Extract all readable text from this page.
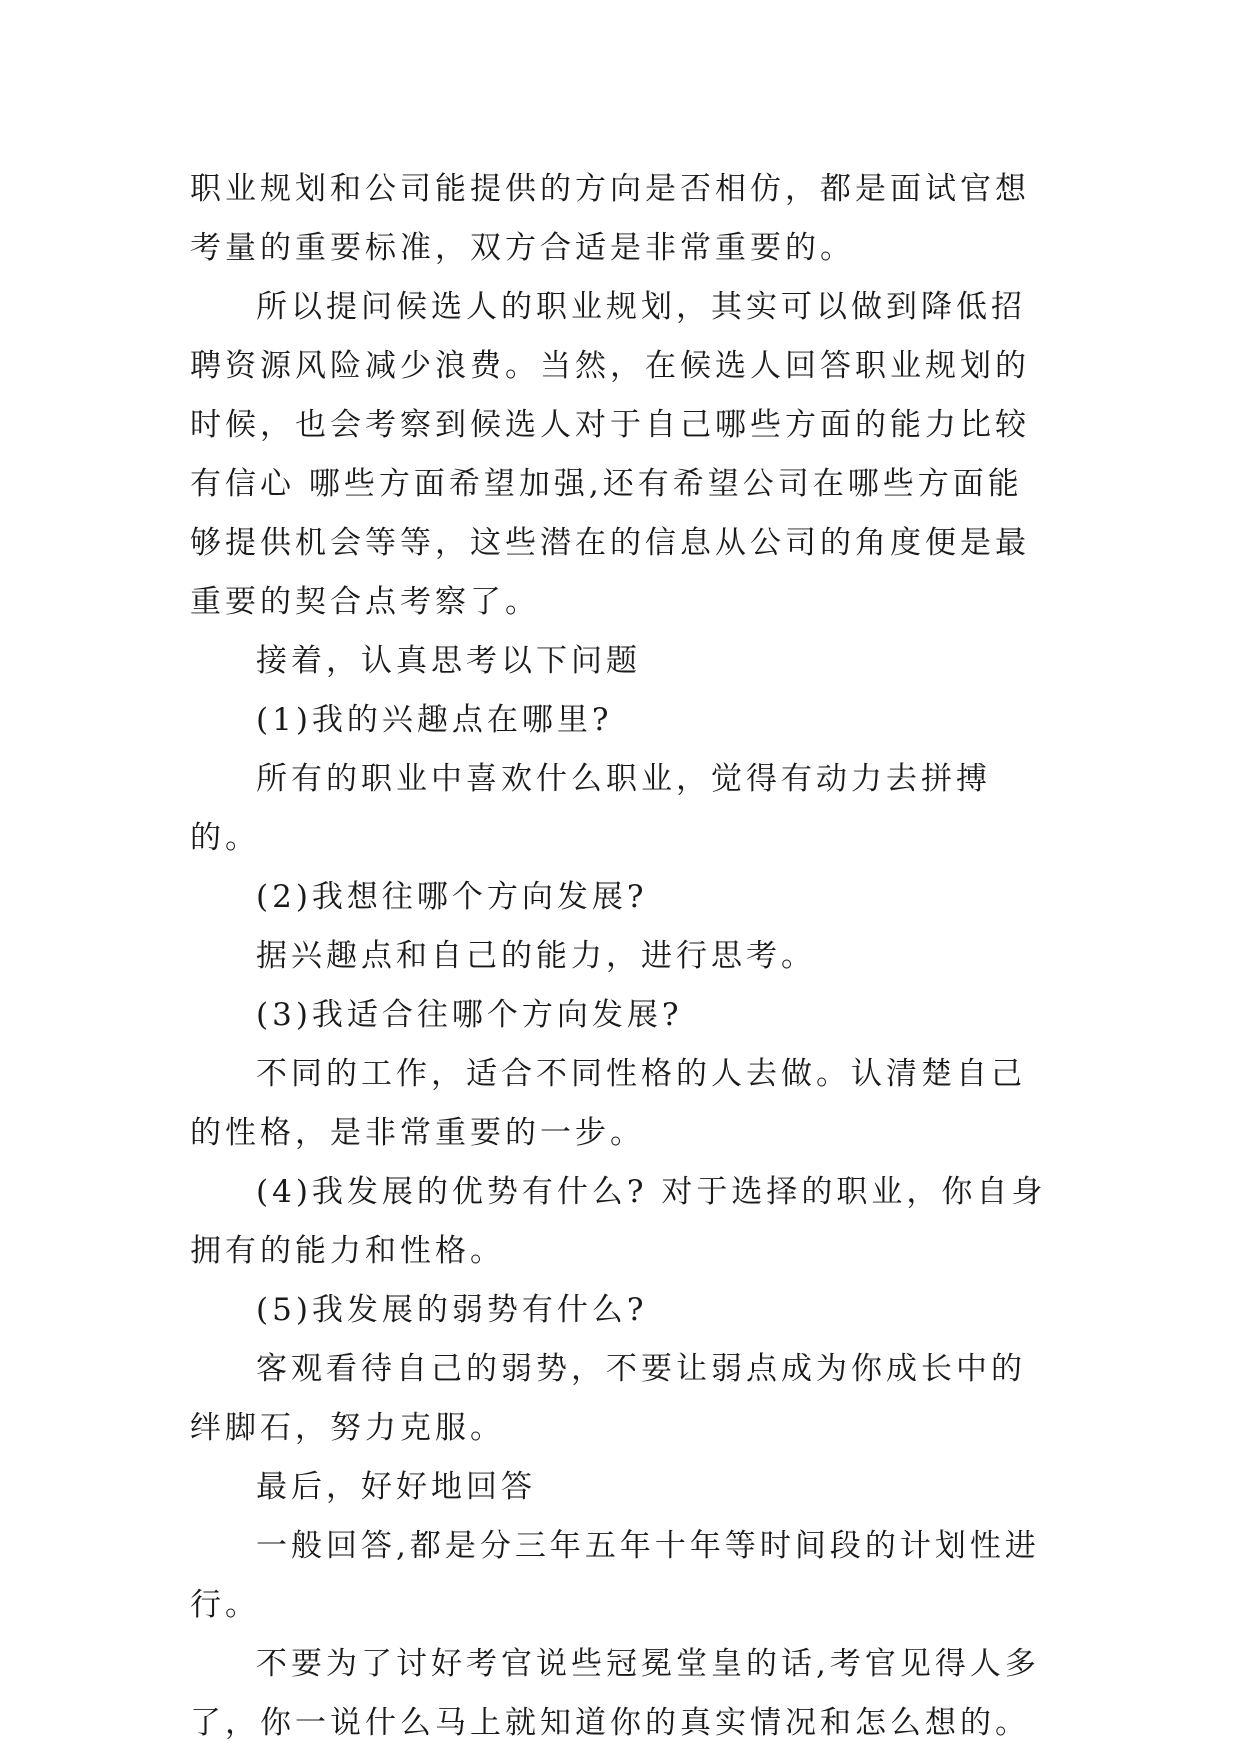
职业规划和公司能提供的方向是否相仿，都是面试官想考量的重要标准，双方合适是非常重要的。

所以提问候选人的职业规划，其实可以做到降低招聘资源风险减少浪费。当然，在候选人回答职业规划的时候，也会考察到候选人对于自己哪些方面的能力比较有信心 哪些方面希望加强,还有希望公司在哪些方面能够提供机会等等，这些潜在的信息从公司的角度便是最重要的契合点考察了。

接着，认真思考以下问题

(1)我的兴趣点在哪里?

所有的职业中喜欢什么职业，觉得有动力去拼搏的。

(2)我想往哪个方向发展?

据兴趣点和自己的能力，进行思考。

(3)我适合往哪个方向发展?

不同的工作，适合不同性格的人去做。认清楚自己的性格，是非常重要的一步。

(4)我发展的优势有什么? 对于选择的职业，你自身拥有的能力和性格。

(5)我发展的弱势有什么?

客观看待自己的弱势，不要让弱点成为你成长中的绊脚石，努力克服。

最后，好好地回答

一般回答,都是分三年五年十年等时间段的计划性进行。

不要为了讨好考官说些冠冕堂皇的话,考官见得人多了，你一说什么马上就知道你的真实情况和怎么想的。
